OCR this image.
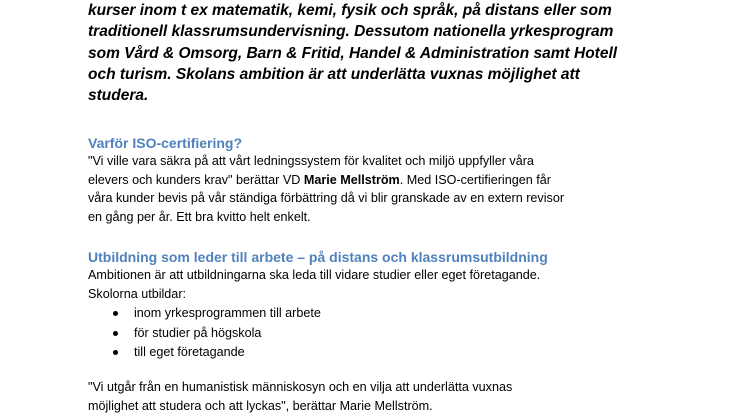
kurser inom t ex matematik, kemi, fysik och språk, på distans eller som
traditionell klassrumsundervisning. Dessutom nationella yrkesprogram
som Vård & Omsorg, Barn & Fritid, Handel & Administration samt Hotell
och turism. Skolans ambition är att underlätta vuxnas möjlighet att
studera.
Varför ISO-certifiering?
"Vi ville vara säkra på att vårt ledningssystem för kvalitet och miljö uppfyller våra
elevers och kunders krav" berättar VD Marie Mellström. Med ISO-certifieringen får
våra kunder bevis på vår ständiga förbättring då vi blir granskade av en extern revisor
en gång per år. Ett bra kvitto helt enkelt.
Utbildning som leder till arbete – på distans och klassrumsutbildning
Ambitionen är att utbildningarna ska leda till vidare studier eller eget företagande.
Skolorna utbildar:
inom yrkesprogrammen till arbete
för studier på högskola
till eget företagande
"Vi utgår från en humanistisk människosyn och en vilja att underlätta vuxnas
möjlighet att studera och att lyckas", berättar Marie Mellström.
